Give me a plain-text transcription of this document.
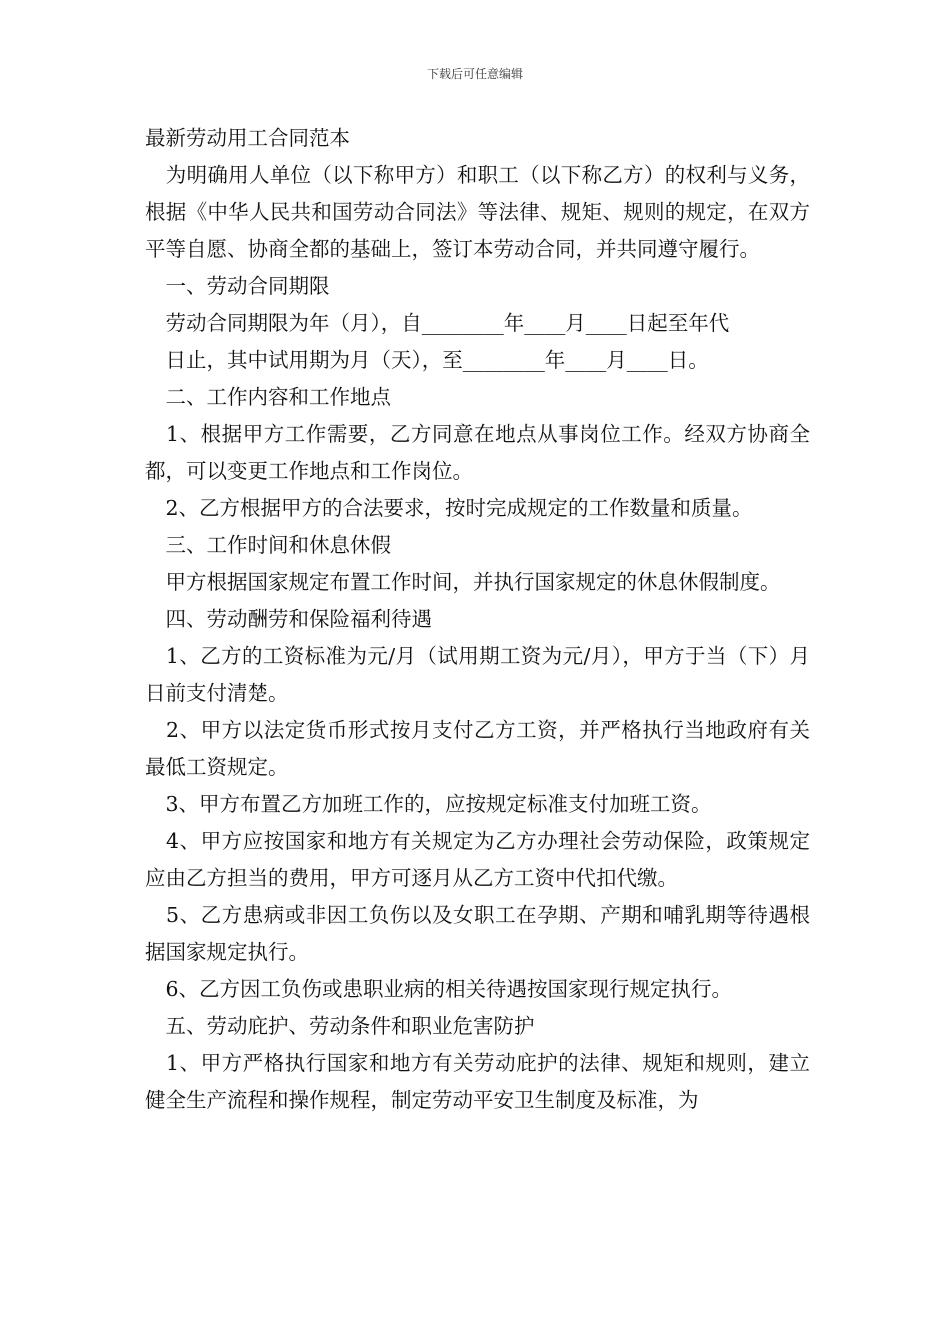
下载后可任意编辑
最新劳动用工合同范本

　为明确用人单位（以下称甲方）和职工（以下称乙方）的权利与义务，根据《中华人民共和国劳动合同法》等法律、规矩、规则的规定，在双方平等自愿、协商全都的基础上，签订本劳动合同，并共同遵守履行。

　一、劳动合同期限

　劳动合同期限为年（月），自________年____月____日起至年代

　日止，其中试用期为月（天），至________年____月____日。

　二、工作内容和工作地点

　1、根据甲方工作需要，乙方同意在地点从事岗位工作。经双方协商全都，可以变更工作地点和工作岗位。

　2、乙方根据甲方的合法要求，按时完成规定的工作数量和质量。

　三、工作时间和休息休假

　甲方根据国家规定布置工作时间，并执行国家规定的休息休假制度。

　四、劳动酬劳和保险福利待遇

　1、乙方的工资标准为元/月（试用期工资为元/月），甲方于当（下）月日前支付清楚。

　2、甲方以法定货币形式按月支付乙方工资，并严格执行当地政府有关最低工资规定。

　3、甲方布置乙方加班工作的，应按规定标准支付加班工资。

　4、甲方应按国家和地方有关规定为乙方办理社会劳动保险，政策规定应由乙方担当的费用，甲方可逐月从乙方工资中代扣代缴。

　5、乙方患病或非因工负伤以及女职工在孕期、产期和哺乳期等待遇根据国家规定执行。

　6、乙方因工负伤或患职业病的相关待遇按国家现行规定执行。

　五、劳动庇护、劳动条件和职业危害防护

　1、甲方严格执行国家和地方有关劳动庇护的法律、规矩和规则，建立健全生产流程和操作规程，制定劳动平安卫生制度及标准，为
